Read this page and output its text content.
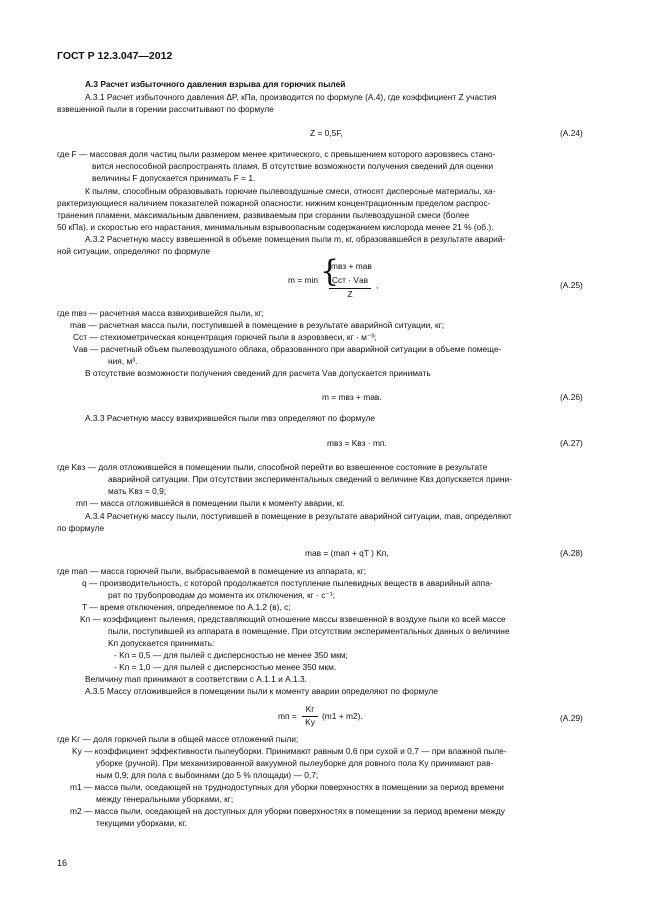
ГОСТ Р 12.3.047—2012
А.3 Расчет избыточного давления взрыва для горючих пылей
А.3.1 Расчет избыточного давления ΔP, кПа, производится по формуле (А.4), где коэффициент Z участия
взвешенной пыли в горении рассчитывают по формуле
где F — массовая доля частиц пыли размером менее критического, с превышением которого аэровзвесь стано-
вится неспособной распространять пламя. В отсутствие возможности получения сведений для оценки
величины F допускается принимать F = 1.
К пылям, способным образовывать горючие пылевоздушные смеси, относят дисперсные материалы, ха-
рактеризующиеся наличием показателей пожарной опасности: нижним концентрационным пределом распрос-
транения пламени, максимальным давлением, развиваемым при сгорании пылевоздушной смеси (более
50 кПа), и скоростью его нарастания, минимальным взрывоопасным содержанием кислорода менее 21 % (об.).
А.3.2 Расчетную массу взвешенной в объеме помещения пыли m, кг, образовавшейся в результате аварий-
ной ситуации, определяют по формуле
где mвз — расчетная масса взвихрившейся пыли, кг;
mав — расчетная масса пыли, поступившей в помещение в результате аварийной ситуации, кг;
Cст — стехиометрическая концентрация горючей пыли в аэровзвеси, кг · м⁻³;
Vав — расчетный объем пылевоздушного облака, образованного при аварийной ситуации в объеме помеще-
ния, м³.
В отсутствие возможности получения сведений для расчета Vав допускается принимать
А.3.3 Расчетную массу взвихрившейся пыли mвз определяют по формуле
где Kвз — доля отложившейся в помещении пыли, способной перейти во взвешенное состояние в результате
аварийной ситуации. При отсутствии экспериментальных сведений о величине Kвз допускается прини-
мать Kвз = 0,9;
mп — масса отложившейся в помещении пыли к моменту аварии, кг.
А.3.4 Расчетную массу пыли, поступившей в помещение в результате аварийной ситуации, mав, определяют
по формуле
где mап — масса горючей пыли, выбрасываемой в помещение из аппарата, кг;
q — производительность, с которой продолжается поступление пылевидных веществ в аварийный аппа-
рат по трубопроводам до момента их отключения, кг · с⁻¹;
T — время отключения, определяемое по А.1.2 (в), с;
Kп — коэффициент пыления, представляющий отношение массы взвешенной в воздухе пыли ко всей массе
пыли, поступившей из аппарата в помещение. При отсутствии экспериментальных данных о величине
Kп допускается принимать:
- Kп = 0,5 — для пылей с дисперсностью не менее 350 мкм;
- Kп = 1,0 — для пылей с дисперсностью менее 350 мкм.
Величину mап принимают в соответствии с А.1.1 и А.1.3.
А.3.5 Массу отложившейся в помещении пыли к моменту аварии определяют по формуле
где Kг — доля горючей пыли в общей массе отложений пыли;
Kу — коэффициент эффективности пылеуборки. Принимают равным 0,6 при сухой и 0,7 — при влажной пыле-
уборке (ручной). При механизированной вакуумной пылеуборке для ровного пола Kу принимают рав-
ным 0,9; для пола с выбоинами (до 5 % площади) — 0,7;
m1 — масса пыли, оседающей на труднодоступных для уборки поверхностях в помещении за период времени
между генеральными уборками, кг;
m2 — масса пыли, оседающей на доступных для уборки поверхностях в помещении за период времени между
текущими уборками, кг.
Z = 0,5F,	(А.24)
m = mвз + mав.	(А.26)
mвз = Kвз · mп.	(А.27)
mав = (mап + qT ) Kп,	(А.28)
m = min {
mвз + mав
Cст · Vав
Z
,	(А.25)
mп =
Kг
Kу
(m1 + m2).	(А.29)
16
